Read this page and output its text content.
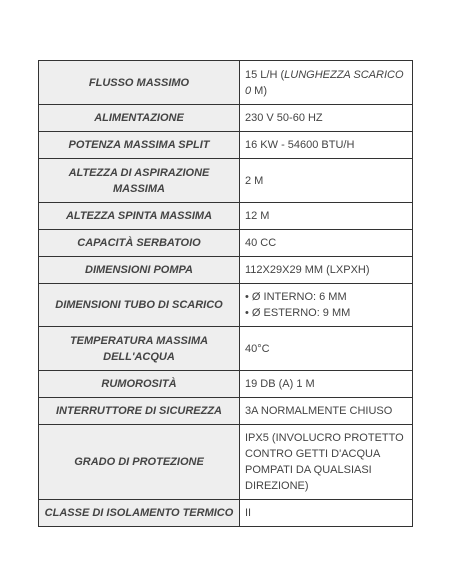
FLUSSO MASSIMO	15 L/H (LUNGHEZZA SCARICO 0 M)
ALIMENTAZIONE	230 V 50-60 HZ
POTENZA MASSIMA SPLIT	16 KW - 54600 BTU/H
ALTEZZA DI ASPIRAZIONE MASSIMA	2 M
ALTEZZA SPINTA MASSIMA	12 M
CAPACITÀ SERBATOIO	40 CC
DIMENSIONI POMPA	112X29X29 MM (LXPXH)
DIMENSIONI TUBO DI SCARICO	• Ø INTERNO: 6 MM
• Ø ESTERNO: 9 MM

TEMPERATURA MASSIMA DELL'ACQUA	40°C
RUMOROSITÀ	19 DB (A) 1 M
INTERRUTTORE DI SICUREZZA	3A NORMALMENTE CHIUSO
GRADO DI PROTEZIONE	IPX5 (INVOLUCRO PROTETTO CONTRO GETTI D'ACQUA POMPATI DA QUALSIASI DIREZIONE)
CLASSE DI ISOLAMENTO TERMICO	II
